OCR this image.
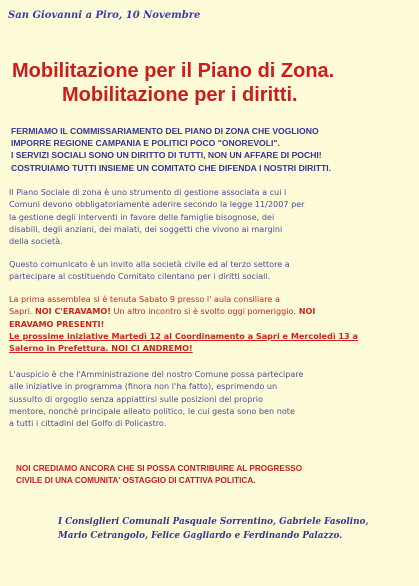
San Giovanni a Piro, 10 Novembre
Mobilitazione per il Piano di Zona.
Mobilitazione per i diritti.
FERMIAMO IL COMMISSARIAMENTO DEL PIANO DI ZONA CHE VOGLIONO
IMPORRE REGIONE CAMPANIA E POLITICI POCO "ONOREVOLI".
I SERVIZI SOCIALI SONO UN DIRITTO DI TUTTI, NON UN AFFARE DI POCHI!
COSTRUIAMO TUTTI INSIEME UN COMITATO CHE DIFENDA I NOSTRI DIRITTI.
Il Piano Sociale di zona è uno strumento di gestione associata a cui i
Comuni devono obbligatoriamente aderire secondo la legge 11/2007 per
la gestione degli interventi in favore delle famiglie bisognose, dei
disabili, degli anziani, dei malati, dei soggetti che vivono ai margini
della società.
Questo comunicato è un invito alla società civile ed al terzo settore a
partecipare al costituendo Comitato cilentano per i diritti sociali.
La prima assemblea si è tenuta Sabato 9 presso l' aula consiliare a
Sapri. NOI C'ERAVAMO! Un altro incontro si è svolto oggi pomeriggio. NOI
ERAVAMO PRESENTI!
Le prossime iniziative Martedì 12 al Coordinamento a Sapri e Mercoledì 13 a
Salerno in Prefettura. NOI CI ANDREMO!
L'auspicio è che l'Amministrazione del nostro Comune possa partecipare
alle iniziative in programma (finora non l'ha fatto), esprimendo un
sussulto di orgoglio senza appiattirsi sulle posizioni del proprio
mentore, nonchè principale alleato politico, le cui gesta sono ben note
a tutti i cittadini del Golfo di Policastro.
NOI CREDIAMO ANCORA CHE SI POSSA CONTRIBUIRE AL PROGRESSO
CIVILE DI UNA COMUNITA' OSTAGGIO DI CATTIVA POLITICA.
I Consiglieri Comunali Pasquale Sorrentino, Gabriele Fasolino,
Mario Cetrangolo, Felice Gagliardo e Ferdinando Palazzo.
